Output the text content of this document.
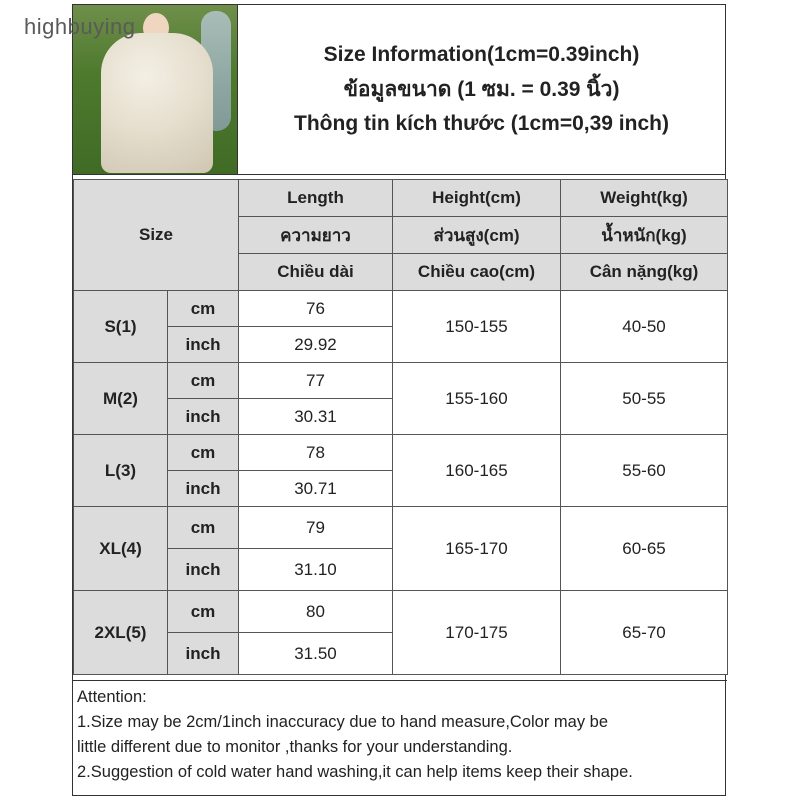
highbuying
Size Information(1cm=0.39inch)
ข้อมูลขนาด (1 ซม. = 0.39 นิ้ว)
Thông tin kích thước (1cm=0,39 inch)
Size		Length	Height(cm)	Weight(kg)
		ความยาว	ส่วนสูง(cm)	น้ำหนัก(kg)
		Chiều dài	Chiều cao(cm)	Cân nặng(kg)
S(1)	cm	76	150-155	40-50
	inch	29.92		
M(2)	cm	77	155-160	50-55
	inch	30.31		
L(3)	cm	78	160-165	55-60
	inch	30.71		
XL(4)	cm	79	165-170	60-65
	inch	31.10		
2XL(5)	cm	80	170-175	65-70
	inch	31.50		
Attention:
1.Size may be 2cm/1inch inaccuracy due to hand measure,Color may be
little different due to monitor ,thanks for your understanding.
2.Suggestion of cold water hand washing,it can help items keep their shape.
